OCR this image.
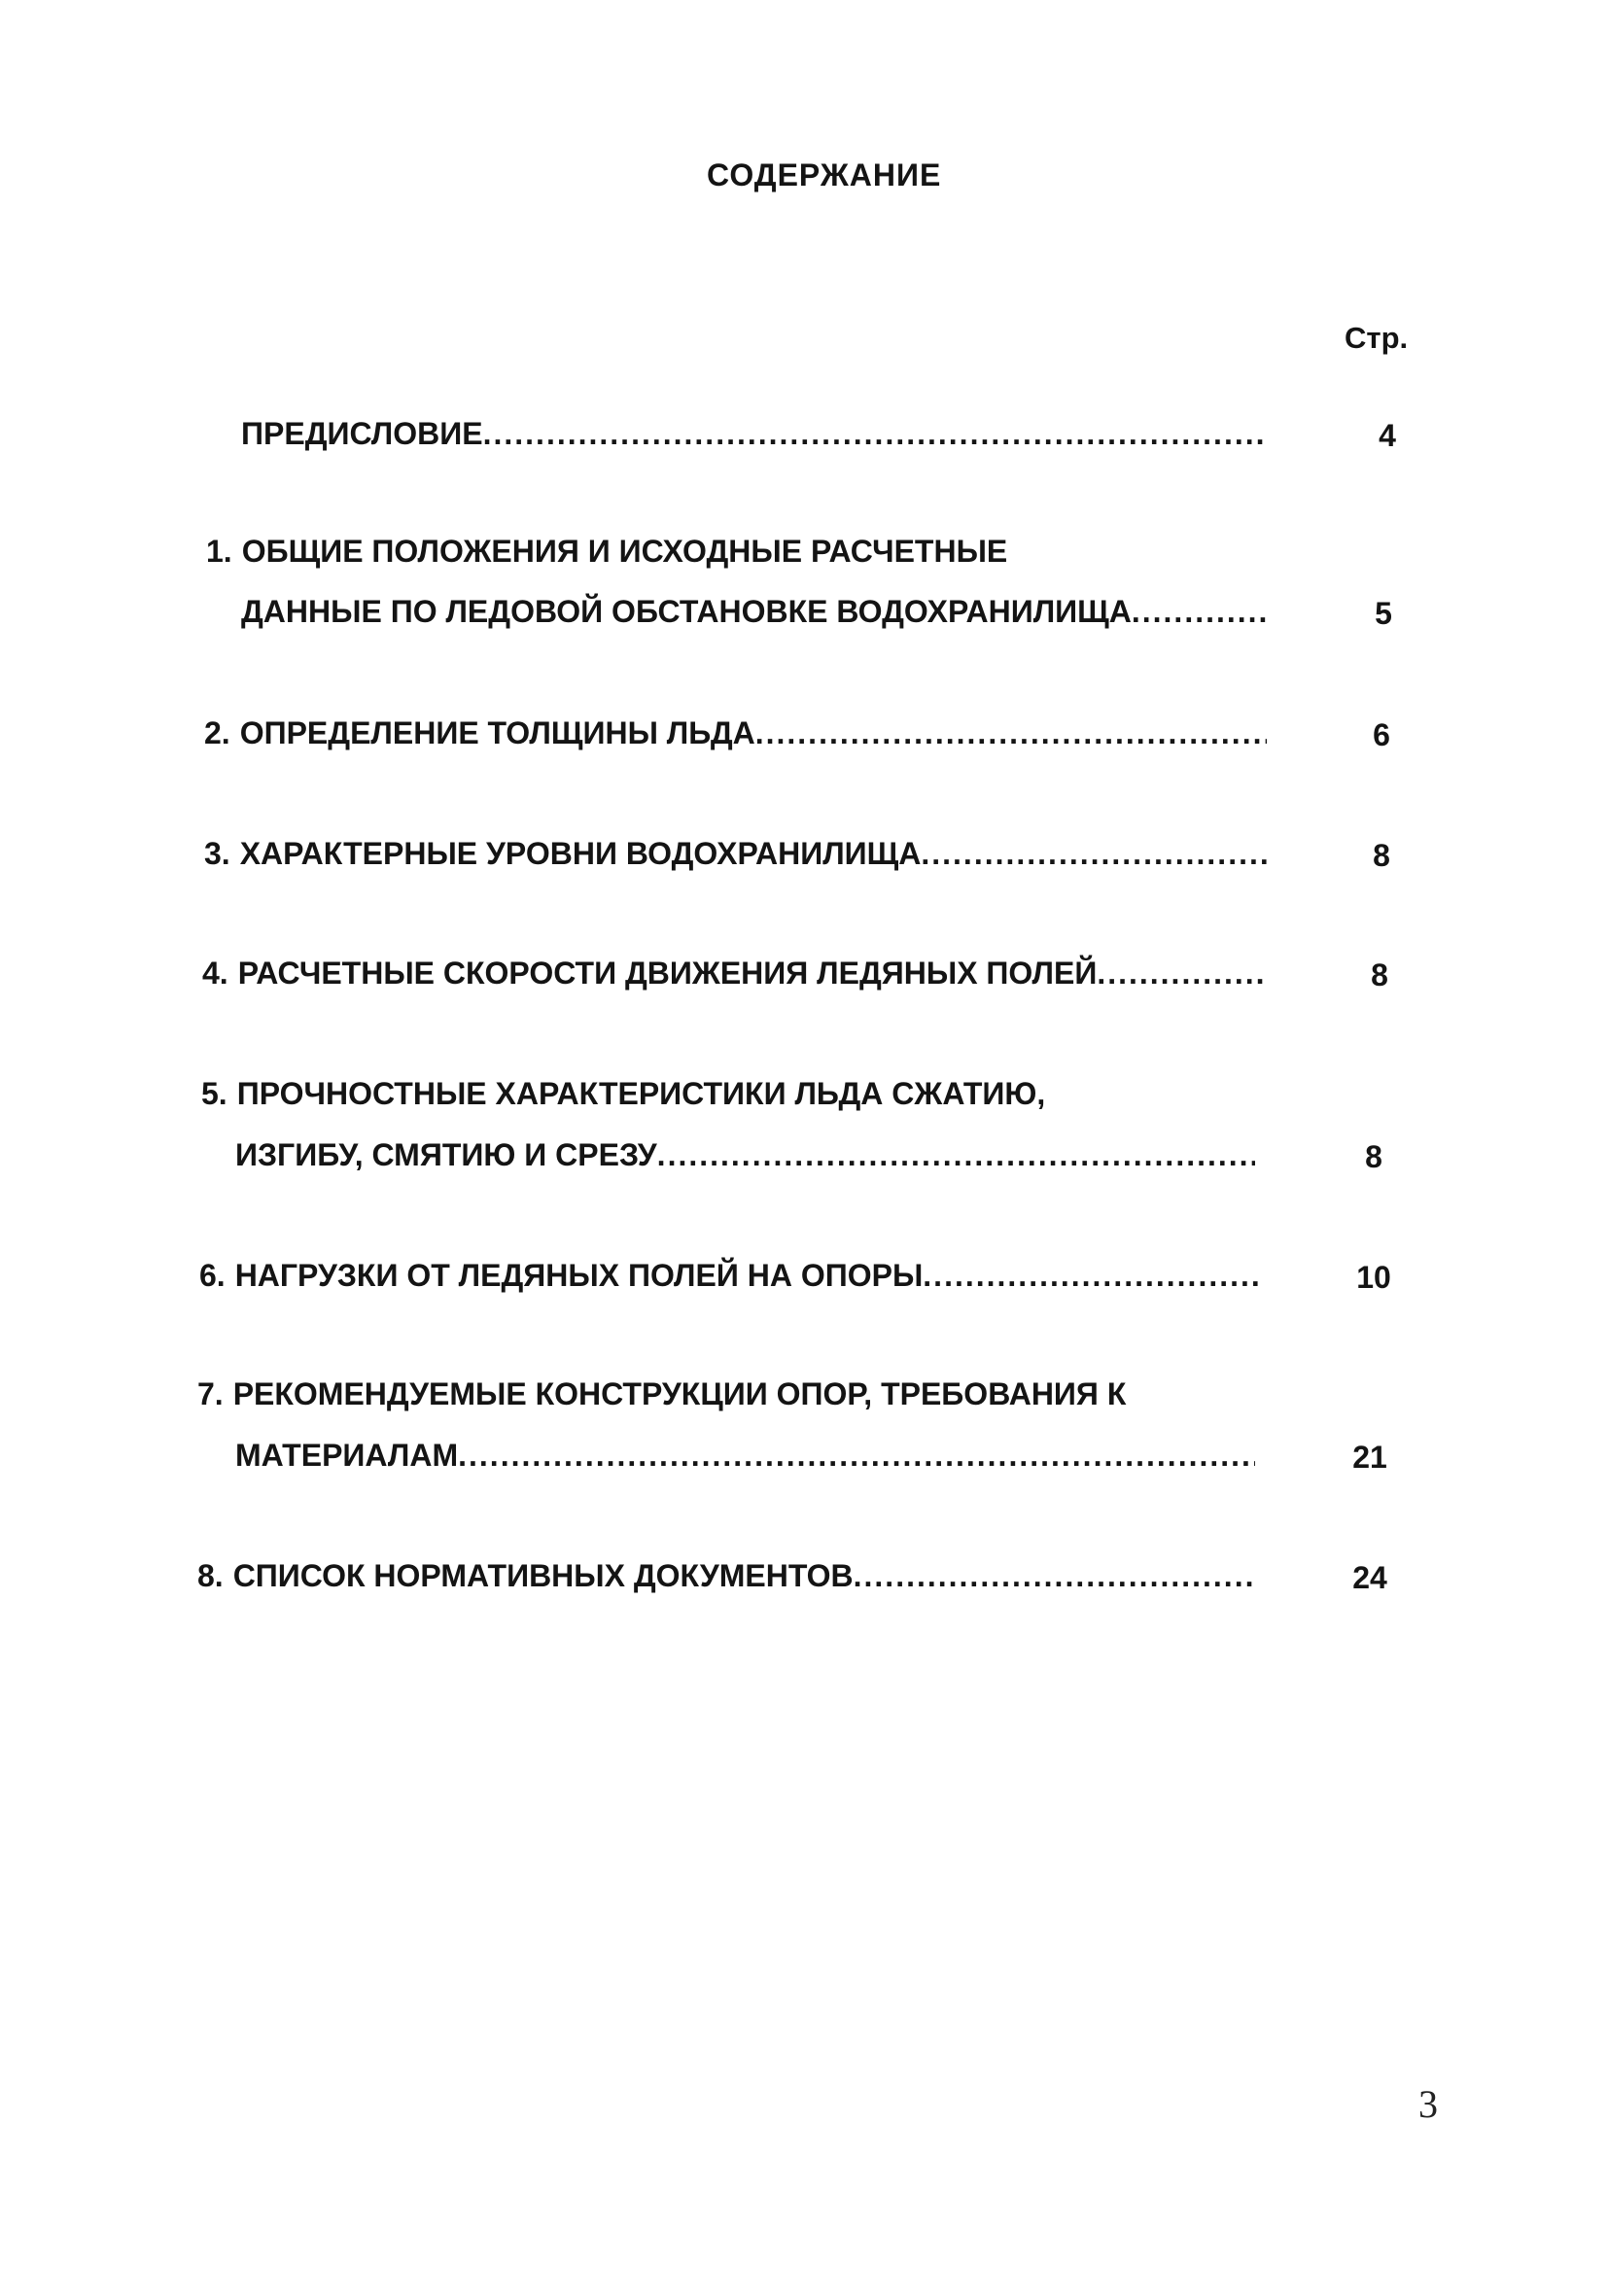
СОДЕРЖАНИЕ
Стр.
ПРЕДИСЛОВИЕ .....	4
1. ОБЩИЕ ПОЛОЖЕНИЯ И ИСХОДНЫЕ РАСЧЕТНЫЕ
ДАННЫЕ ПО ЛЕДОВОЙ ОБСТАНОВКЕ ВОДОХРАНИЛИЩА .....	5
2. ОПРЕДЕЛЕНИЕ ТОЛЩИНЫ ЛЬДА .....	6
3. ХАРАКТЕРНЫЕ УРОВНИ ВОДОХРАНИЛИЩА .....	8
4. РАСЧЕТНЫЕ СКОРОСТИ ДВИЖЕНИЯ ЛЕДЯНЫХ ПОЛЕЙ .....	8
5. ПРОЧНОСТНЫЕ ХАРАКТЕРИСТИКИ ЛЬДА СЖАТИЮ,
ИЗГИБУ, СМЯТИЮ И СРЕЗУ .....	8
6. НАГРУЗКИ ОТ ЛЕДЯНЫХ ПОЛЕЙ НА ОПОРЫ .....	10
7. РЕКОМЕНДУЕМЫЕ КОНСТРУКЦИИ ОПОР, ТРЕБОВАНИЯ К
МАТЕРИАЛАМ .....	21
8. СПИСОК НОРМАТИВНЫХ ДОКУМЕНТОВ .....	24
3
